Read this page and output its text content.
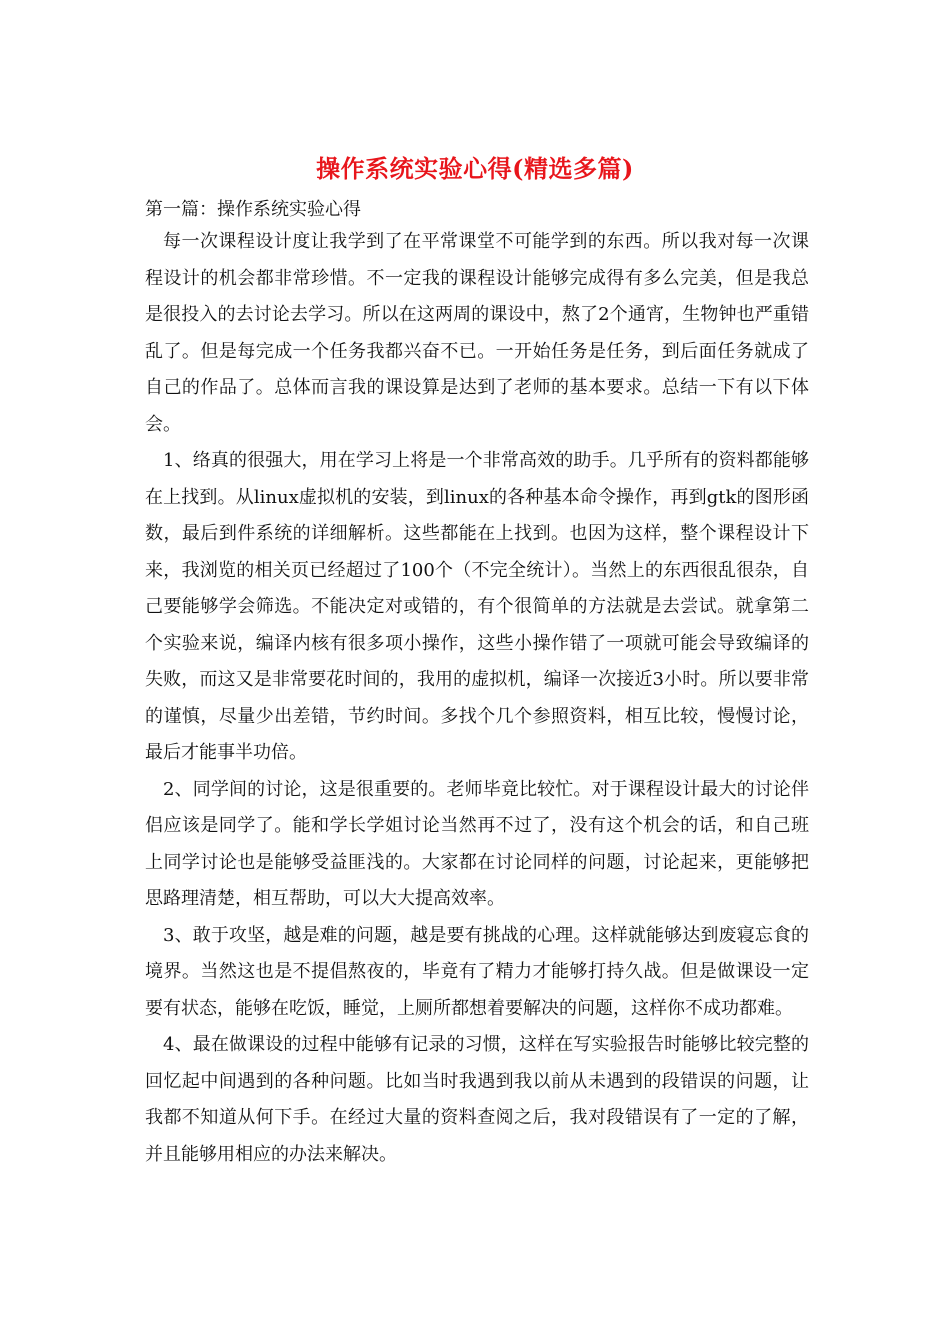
操作系统实验心得(精选多篇)

第一篇：操作系统实验心得

每一次课程设计度让我学到了在平常课堂不可能学到的东西。所以我对每一次课程设计的机会都非常珍惜。不一定我的课程设计能够完成得有多么完美，但是我总是很投入的去讨论去学习。所以在这两周的课设中，熬了2个通宵，生物钟也严重错乱了。但是每完成一个任务我都兴奋不已。一开始任务是任务，到后面任务就成了自己的作品了。总体而言我的课设算是达到了老师的基本要求。总结一下有以下体会。

1、络真的很强大，用在学习上将是一个非常高效的助手。几乎所有的资料都能够在上找到。从linux虚拟机的安装，到linux的各种基本命令操作，再到gtk的图形函数，最后到件系统的详细解析。这些都能在上找到。也因为这样，整个课程设计下来，我浏览的相关页已经超过了100个（不完全统计）。当然上的东西很乱很杂，自己要能够学会筛选。不能决定对或错的，有个很简单的方法就是去尝试。就拿第二个实验来说，编译内核有很多项小操作，这些小操作错了一项就可能会导致编译的失败，而这又是非常要花时间的，我用的虚拟机，编译一次接近3小时。所以要非常的谨慎，尽量少出差错，节约时间。多找个几个参照资料，相互比较，慢慢讨论，最后才能事半功倍。

2、同学间的讨论，这是很重要的。老师毕竟比较忙。对于课程设计最大的讨论伴侣应该是同学了。能和学长学姐讨论当然再不过了，没有这个机会的话，和自己班上同学讨论也是能够受益匪浅的。大家都在讨论同样的问题，讨论起来，更能够把思路理清楚，相互帮助，可以大大提高效率。

3、敢于攻坚，越是难的问题，越是要有挑战的心理。这样就能够达到废寝忘食的境界。当然这也是不提倡熬夜的，毕竟有了精力才能够打持久战。但是做课设一定要有状态，能够在吃饭，睡觉，上厕所都想着要解决的问题，这样你不成功都难。

4、最在做课设的过程中能够有记录的习惯，这样在写实验报告时能够比较完整的回忆起中间遇到的各种问题。比如当时我遇到我以前从未遇到的段错误的问题，让我都不知道从何下手。在经过大量的资料查阅之后，我对段错误有了一定的了解，并且能够用相应的办法来解决。
